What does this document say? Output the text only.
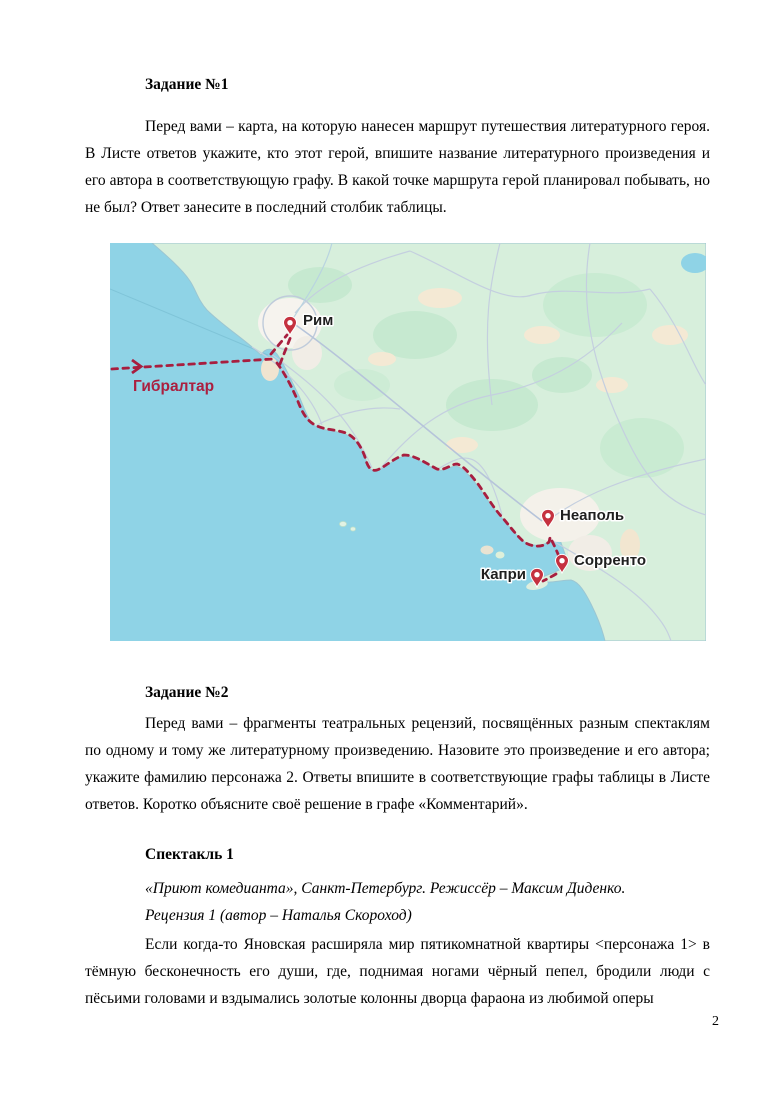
Задание №1

Перед вами – карта, на которую нанесен маршрут путешествия литературного героя. В Листе ответов укажите, кто этот герой, впишите название литературного произведения и его автора в соответствующую графу. В какой точке маршрута герой планировал побывать, но не был? Ответ занесите в последний столбик таблицы.

Рим
Неаполь
Сорренто
Капри
Гибралтар
Задание №2

Перед вами – фрагменты театральных рецензий, посвящённых разным спектаклям по одному и тому же литературному произведению. Назовите это произведение и его автора; укажите фамилию персонажа 2. Ответы впишите в соответствующие графы таблицы в Листе ответов. Коротко объясните своё решение в графе «Комментарий».

Спектакль 1

«Приют комедианта», Санкт-Петербург. Режиссёр – Максим Диденко.

Рецензия 1 (автор – Наталья Скороход)

Если когда-то Яновская расширяла мир пятикомнатной квартиры <персонажа 1> в тёмную бесконечность его души, где, поднимая ногами чёрный пепел, бродили люди с пёсьими головами и вздымались золотые колонны дворца фараона из любимой оперы

2
